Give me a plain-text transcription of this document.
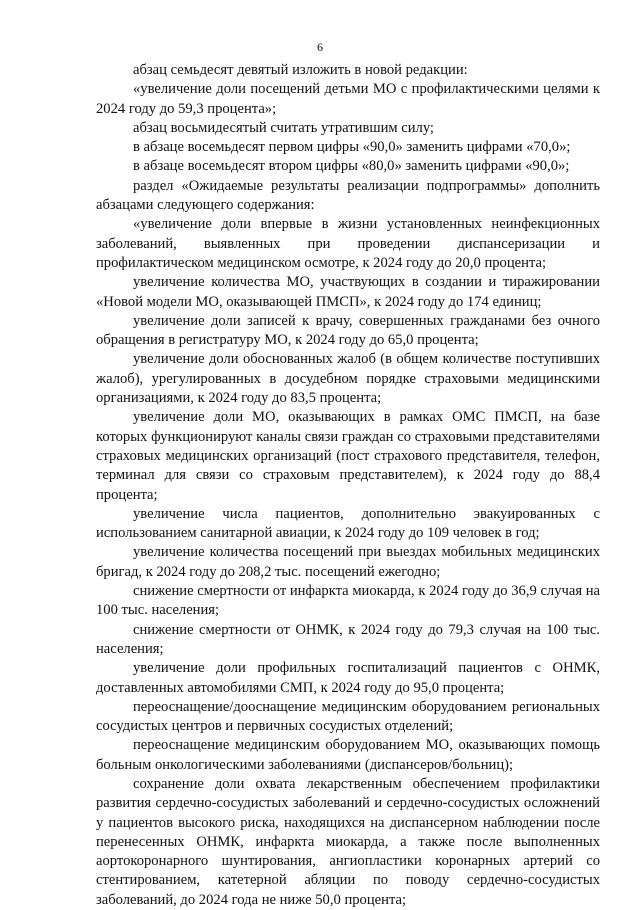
6

абзац семьдесят девятый изложить в новой редакции:

«увеличение доли посещений детьми МО с профилактическими целями к 2024 году до 59,3 процента»;

абзац восьмидесятый считать утратившим силу;

в абзаце восемьдесят первом цифры «90,0» заменить цифрами «70,0»;

в абзаце восемьдесят втором цифры «80,0» заменить цифрами «90,0»;

раздел «Ожидаемые результаты реализации подпрограммы» дополнить абзацами следующего содержания:

«увеличение доли впервые в жизни установленных неинфекционных заболеваний, выявленных при проведении диспансеризации и профилактическом медицинском осмотре, к 2024 году до 20,0 процента;

увеличение количества МО, участвующих в создании и тиражировании «Новой модели МО, оказывающей ПМСП», к 2024 году до 174 единиц;

увеличение доли записей к врачу, совершенных гражданами без очного обращения в регистратуру МО, к 2024 году до 65,0 процента;

увеличение доли обоснованных жалоб (в общем количестве поступивших жалоб), урегулированных в досудебном порядке страховыми медицинскими организациями, к 2024 году до 83,5 процента;

увеличение доли МО, оказывающих в рамках ОМС ПМСП, на базе которых функционируют каналы связи граждан со страховыми представителями страховых медицинских организаций (пост страхового представителя, телефон, терминал для связи со страховым представителем), к 2024 году до 88,4 процента;

увеличение числа пациентов, дополнительно эвакуированных с использованием санитарной авиации, к 2024 году до 109 человек в год;

увеличение количества посещений при выездах мобильных медицинских бригад, к 2024 году до 208,2 тыс. посещений ежегодно;

снижение смертности от инфаркта миокарда, к 2024 году до 36,9 случая на 100 тыс. населения;

снижение смертности от ОНМК, к 2024 году до 79,3 случая на 100 тыс. населения;

увеличение доли профильных госпитализаций пациентов с ОНМК, доставленных автомобилями СМП, к 2024 году до 95,0 процента;

переоснащение/дооснащение медицинским оборудованием региональных сосудистых центров и первичных сосудистых отделений;

переоснащение медицинским оборудованием МО, оказывающих помощь больным онкологическими заболеваниями (диспансеров/больниц);

сохранение доли охвата лекарственным обеспечением профилактики развития сердечно-сосудистых заболеваний и сердечно-сосудистых осложнений у пациентов высокого риска, находящихся на диспансерном наблюдении после перенесенных ОНМК, инфаркта миокарда, а также после выполненных аортокоронарного шунтирования, ангиопластики коронарных артерий со стентированием, катетерной абляции по поводу сердечно-сосудистых заболеваний, до 2024 года не ниже 50,0 процента;
